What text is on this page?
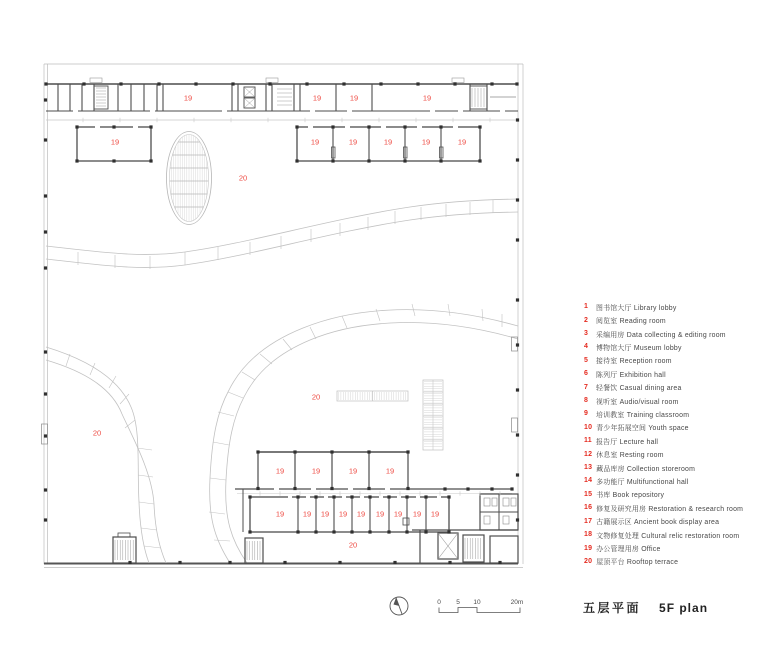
19	19	19	19
19	19	19	19	19	19
20
20
20
20
19	19	19	19
19 19 19 19 19 19 19 19 19
0 5 10	20m
1	图书馆大厅 Library lobby
2	阅览室 Reading room
3	采编用房 Data collecting & editing room
4	博物馆大厅 Museum lobby
5	接待室 Reception room
6	陈列厅 Exhibition hall
7	轻餐饮 Casual dining area
8	视听室 Audio/visual room
9	培训教室 Training classroom
10 青少年拓展空间 Youth space
11 报告厅 Lecture hall
12 休息室 Resting room
13 藏品库房 Collection storeroom
14 多功能厅 Multifunctional hall
15 书库 Book repository
16 修复及研究用房 Restoration & research room
17 古籍展示区 Ancient book display area
18 文物修复处理 Cultural relic restoration room
19 办公管理用房 Office
20 屋顶平台 Rooftop terrace
五层平面 5F plan
